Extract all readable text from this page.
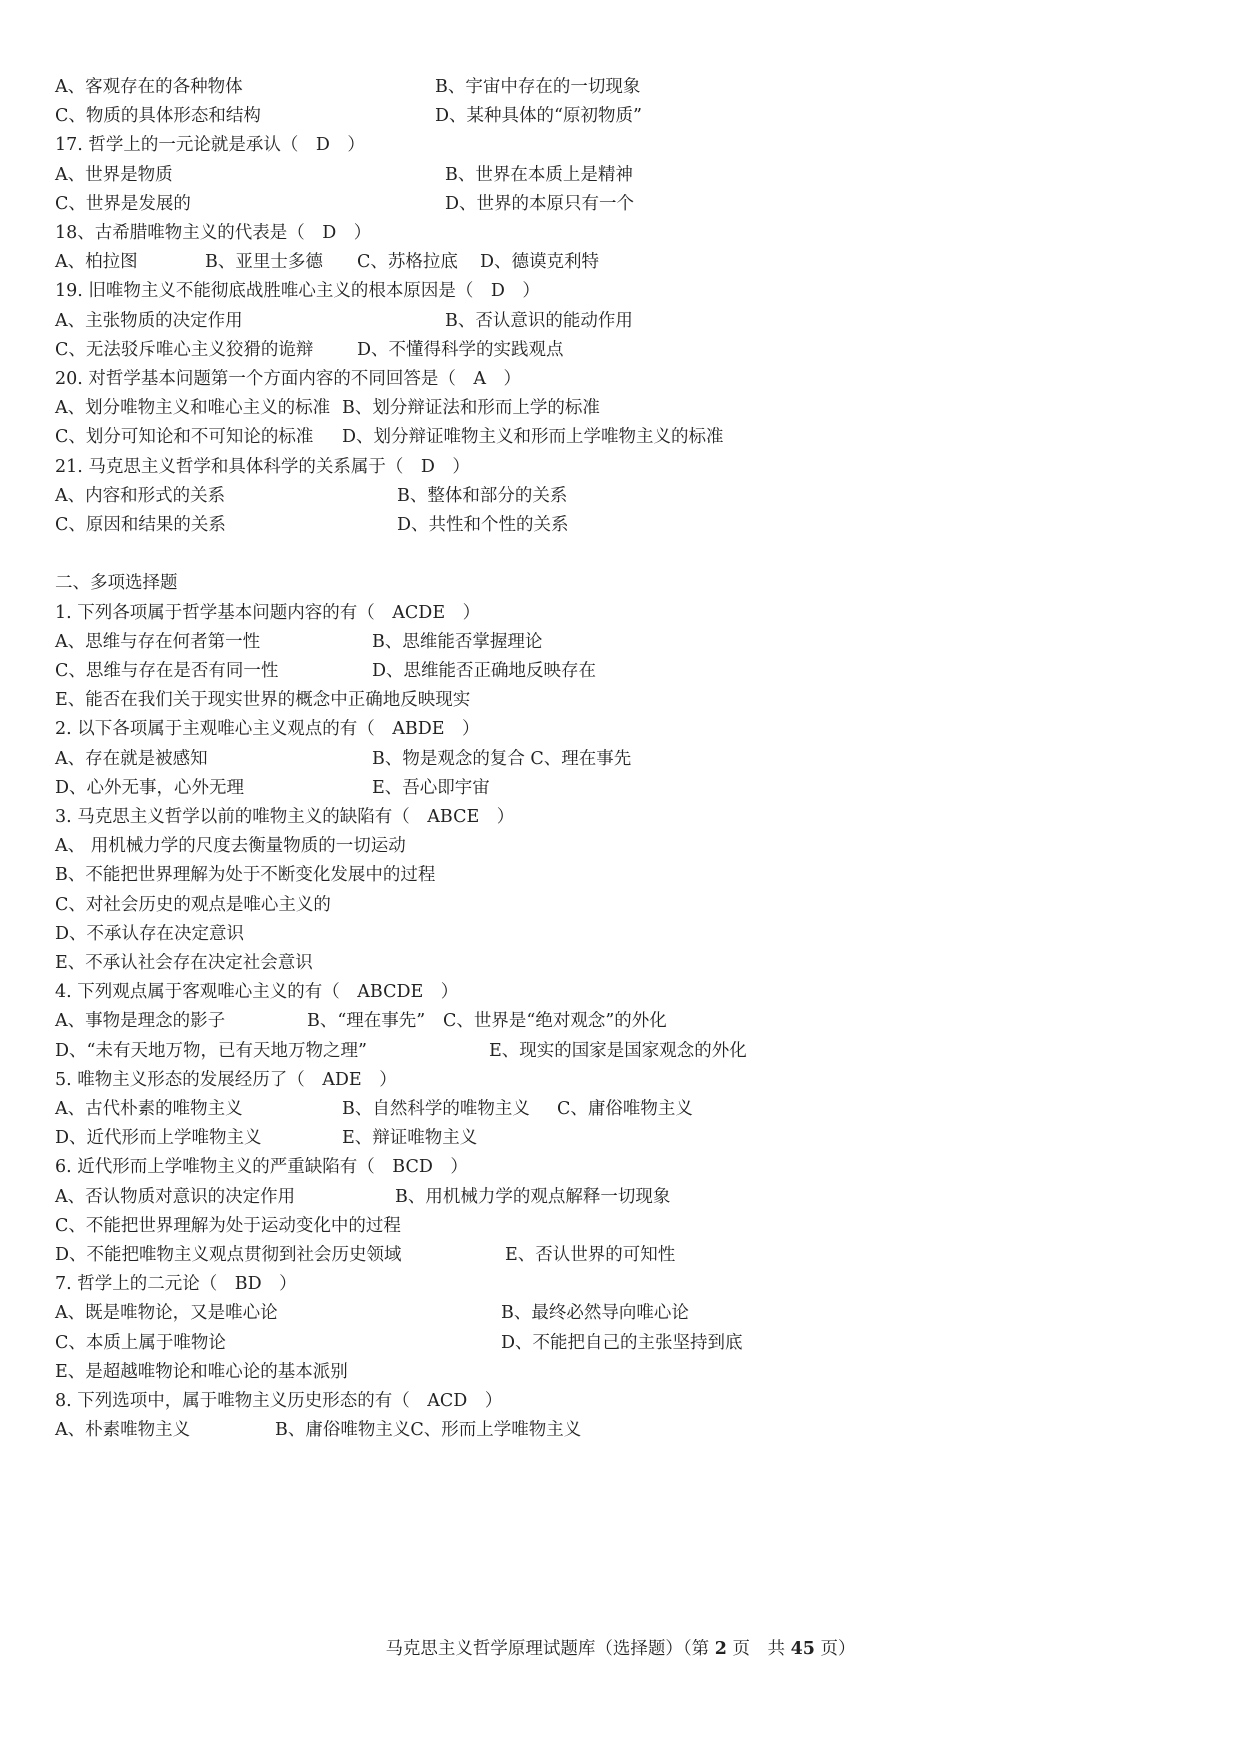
A、客观存在的各种物体	B、宇宙中存在的一切现象
C、物质的具体形态和结构	D、某种具体的“原初物质”
17. 哲学上的一元论就是承认（　D　）
A、世界是物质	B、世界在本质上是精神
C、世界是发展的	D、世界的本原只有一个
18、古希腊唯物主义的代表是（　D　）
A、柏拉图	B、亚里士多德 C、苏格拉底 D、德谟克利特
19. 旧唯物主义不能彻底战胜唯心主义的根本原因是（　D　）
A、主张物质的决定作用	B、否认意识的能动作用
C、无法驳斥唯心主义狡猾的诡辩 D、不懂得科学的实践观点
20. 对哲学基本问题第一个方面内容的不同回答是（　A　）
A、划分唯物主义和唯心主义的标准 B、划分辩证法和形而上学的标准
C、划分可知论和不可知论的标准 D、划分辩证唯物主义和形而上学唯物主义的标准
21. 马克思主义哲学和具体科学的关系属于（　D　）
A、内容和形式的关系	B、整体和部分的关系
C、原因和结果的关系	D、共性和个性的关系
二、多项选择题
1. 下列各项属于哲学基本问题内容的有（　ACDE　）
A、思维与存在何者第一性	B、思维能否掌握理论
C、思维与存在是否有同一性	D、思维能否正确地反映存在
E、能否在我们关于现实世界的概念中正确地反映现实
2. 以下各项属于主观唯心主义观点的有（　ABDE　）
A、存在就是被感知	B、物是观念的复合 C、理在事先
D、心外无事，心外无理	E、吾心即宇宙
3. 马克思主义哲学以前的唯物主义的缺陷有（　ABCE　）
A、 用机械力学的尺度去衡量物质的一切运动
B、不能把世界理解为处于不断变化发展中的过程
C、对社会历史的观点是唯心主义的
D、不承认存在决定意识
E、不承认社会存在决定社会意识
4. 下列观点属于客观唯心主义的有（　ABCDE　）
A、事物是理念的影子	B、“理在事先” C、世界是“绝对观念”的外化
D、“未有天地万物，已有天地万物之理”	E、现实的国家是国家观念的外化
5. 唯物主义形态的发展经历了（　ADE　）
A、古代朴素的唯物主义	B、自然科学的唯物主义 C、庸俗唯物主义
D、近代形而上学唯物主义	E、辩证唯物主义
6. 近代形而上学唯物主义的严重缺陷有（　BCD　）
A、否认物质对意识的决定作用	B、用机械力学的观点解释一切现象
C、不能把世界理解为处于运动变化中的过程
D、不能把唯物主义观点贯彻到社会历史领域	E、否认世界的可知性
7. 哲学上的二元论（　BD　）
A、既是唯物论，又是唯心论	B、最终必然导向唯心论
C、本质上属于唯物论	D、不能把自己的主张坚持到底
E、是超越唯物论和唯心论的基本派别
8. 下列选项中，属于唯物主义历史形态的有（　ACD　）
A、朴素唯物主义	B、庸俗唯物主义C、形而上学唯物主义
马克思主义哲学原理试题库（选择题）（第 2 页　共 45 页）
